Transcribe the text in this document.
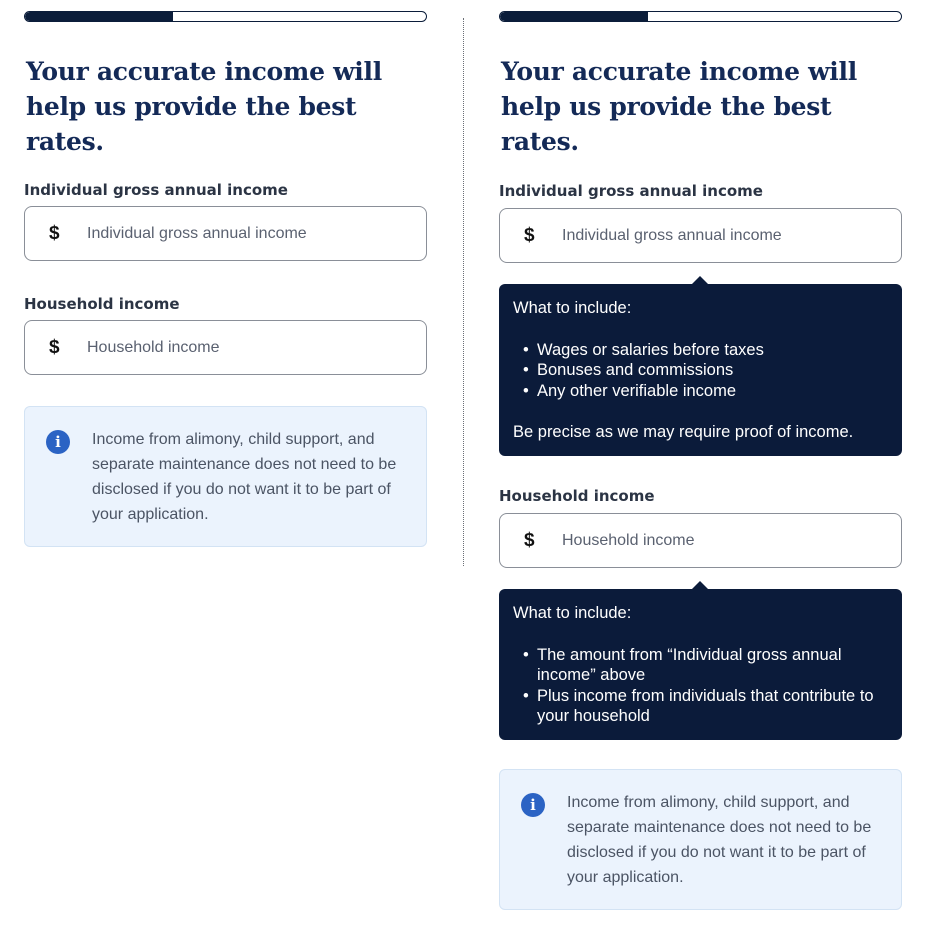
Your accurate income will help us provide the best rates.
Individual gross annual income
$ Individual gross annual income
Household income
$ Household income
i	Income from alimony, child support, and separate maintenance does not need to be disclosed if you do not want it to be part of your application.
Your accurate income will help us provide the best rates.
Individual gross annual income
$ Individual gross annual income
What to include:
• Wages or salaries before taxes
• Bonuses and commissions
• Any other verifiable income
Be precise as we may require proof of income.
Household income
$ Household income
What to include:
• The amount from “Individual gross annual income” above
• Plus income from individuals that contribute to your household
i	Income from alimony, child support, and separate maintenance does not need to be disclosed if you do not want it to be part of your application.
